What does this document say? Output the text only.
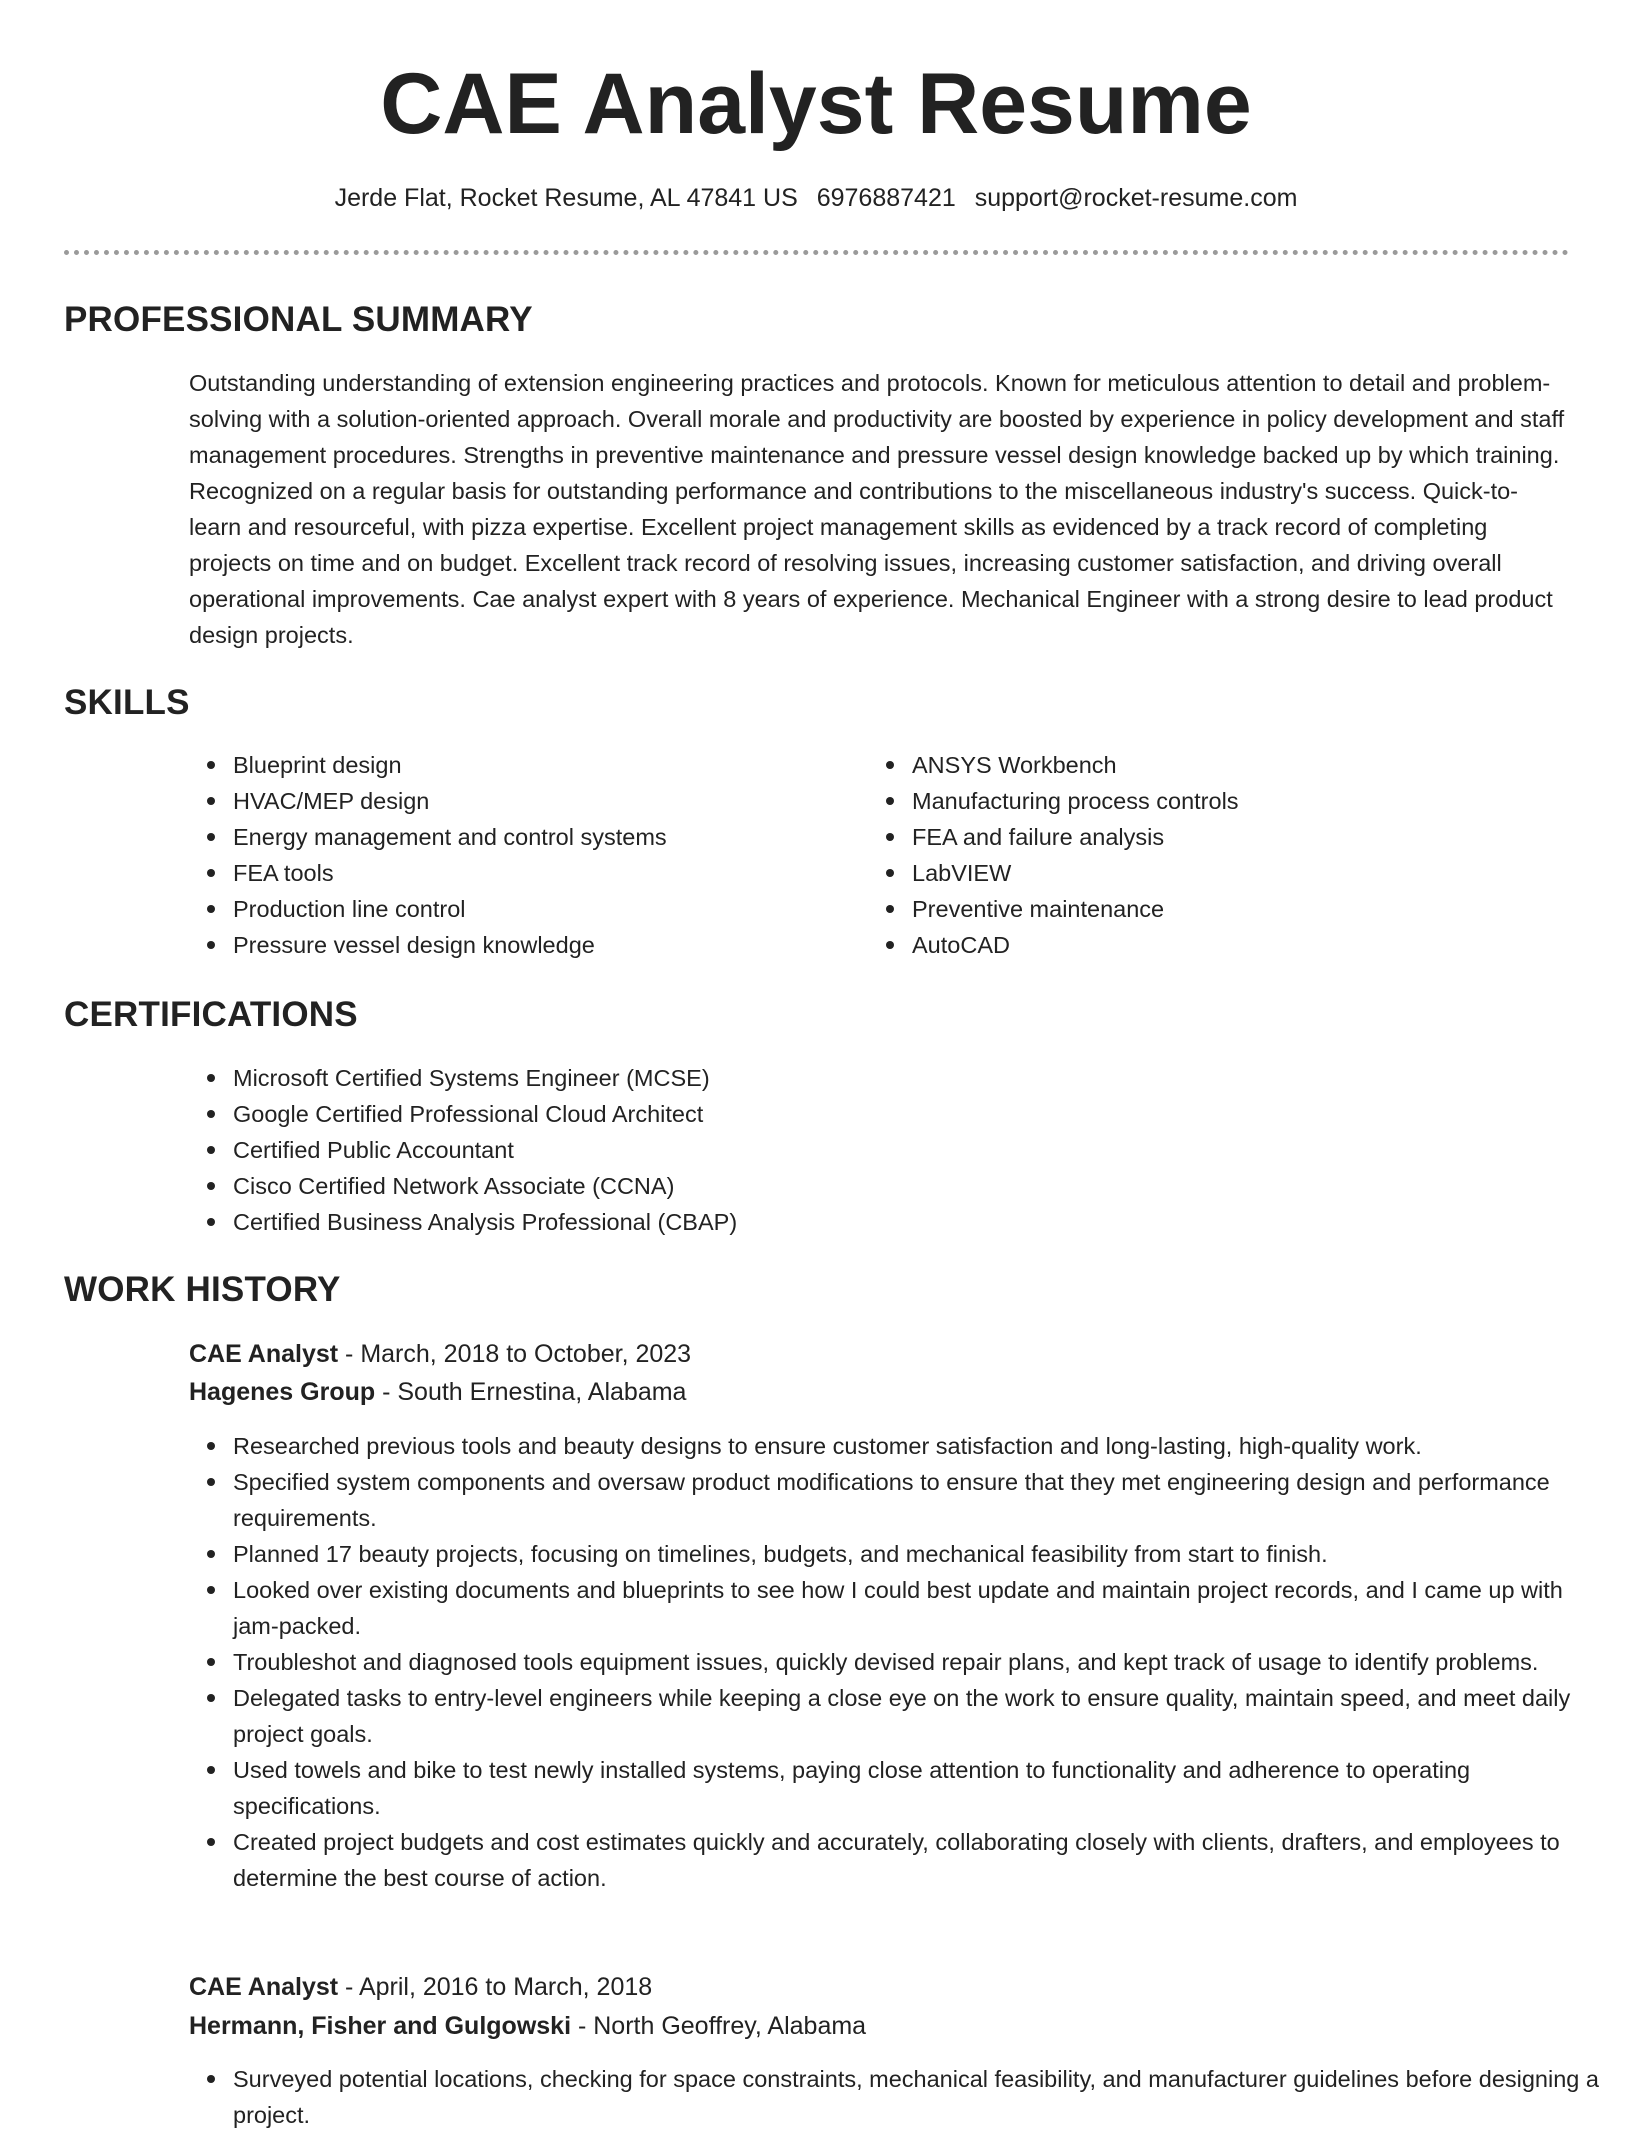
CAE Analyst Resume
Jerde Flat, Rocket Resume, AL 47841 US 6976887421 support@rocket-resume.com
PROFESSIONAL SUMMARY

Outstanding understanding of extension engineering practices and protocols. Known for meticulous attention to detail and problem-solving with a solution-oriented approach. Overall morale and productivity are boosted by experience in policy development and staff management procedures. Strengths in preventive maintenance and pressure vessel design knowledge backed up by which training. Recognized on a regular basis for outstanding performance and contributions to the miscellaneous industry's success. Quick-to-learn and resourceful, with pizza expertise. Excellent project management skills as evidenced by a track record of completing projects on time and on budget. Excellent track record of resolving issues, increasing customer satisfaction, and driving overall operational improvements. Cae analyst expert with 8 years of experience. Mechanical Engineer with a strong desire to lead product design projects.

SKILLS
Blueprint design
HVAC/MEP design
Energy management and control systems
FEA tools
Production line control
Pressure vessel design knowledge
ANSYS Workbench
Manufacturing process controls
FEA and failure analysis
LabVIEW
Preventive maintenance
AutoCAD
CERTIFICATIONS
Microsoft Certified Systems Engineer (MCSE)
Google Certified Professional Cloud Architect
Certified Public Accountant
Cisco Certified Network Associate (CCNA)
Certified Business Analysis Professional (CBAP)
WORK HISTORY
CAE Analyst - March, 2018 to October, 2023
Hagenes Group - South Ernestina, Alabama
Researched previous tools and beauty designs to ensure customer satisfaction and long-lasting, high-quality work.
Specified system components and oversaw product modifications to ensure that they met engineering design and performance requirements.
Planned 17 beauty projects, focusing on timelines, budgets, and mechanical feasibility from start to finish.
Looked over existing documents and blueprints to see how I could best update and maintain project records, and I came up with jam-packed.
Troubleshot and diagnosed tools equipment issues, quickly devised repair plans, and kept track of usage to identify problems.
Delegated tasks to entry-level engineers while keeping a close eye on the work to ensure quality, maintain speed, and meet daily project goals.
Used towels and bike to test newly installed systems, paying close attention to functionality and adherence to operating specifications.
Created project budgets and cost estimates quickly and accurately, collaborating closely with clients, drafters, and employees to determine the best course of action.
CAE Analyst - April, 2016 to March, 2018
Hermann, Fisher and Gulgowski - North Geoffrey, Alabama
Surveyed potential locations, checking for space constraints, mechanical feasibility, and manufacturer guidelines before designing a project.
